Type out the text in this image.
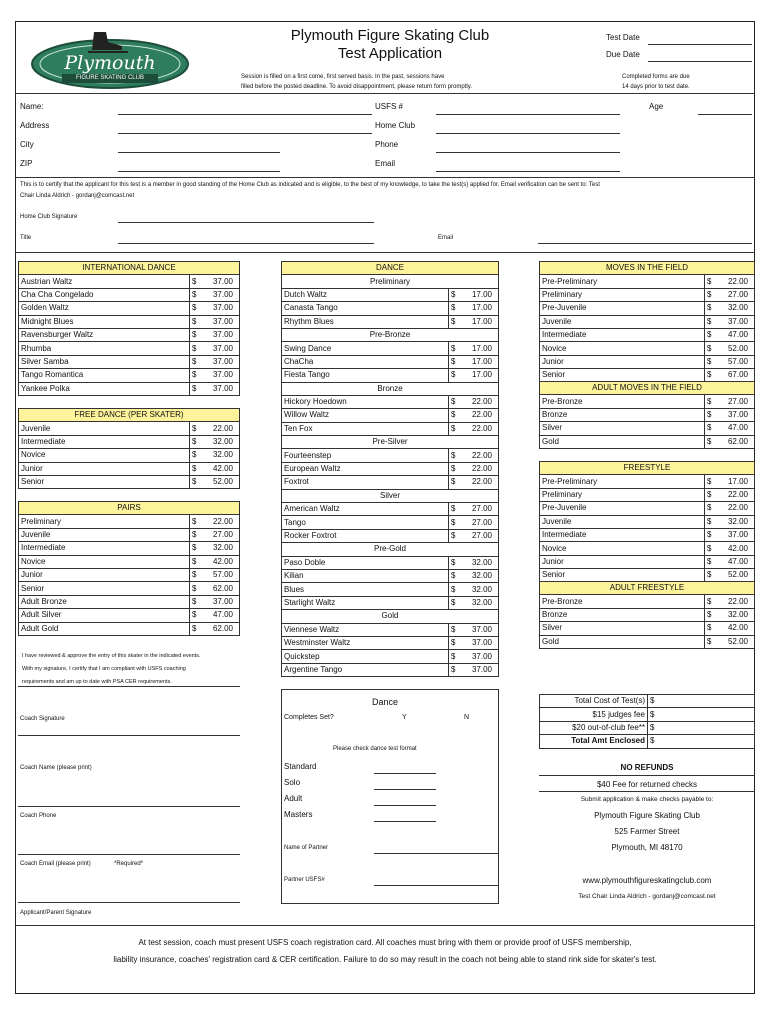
Plymouth
FIGURE SKATING CLUB
Plymouth Figure Skating Club
Test Application
Session is filled on a first come, first served basis. In the past, sessions have
filled before the posted deadline. To avoid disappointment, please return form promptly.
Test Date
Due Date
Completed forms are due
14 days prior to test date.
Name:	USFS #	Age
Address	Home Club
City	Phone
ZIP	Email
This is to certify that the applicant for this test is a member in good standing of the Home Club as indicated and is eligible, to the best of my knowledge, to take the test(s) applied for. Email verification can be sent to: Test
Chair Linda Aldrich - gordanj@comcast.net
Home Club Signature
Title	Email
INTERNATIONAL DANCE	
Austrian Waltz	$ 37.00

Cha Cha Congelado	$ 37.00

Golden Waltz	$ 37.00

Midnight Blues	$ 37.00

Ravensburger Waltz	$ 37.00

Rhumba	$ 37.00

Silver Samba	$ 37.00

Tango Romantica	$ 37.00

Yankee Polka	$ 37.00
FREE DANCE (PER SKATER)	
Juvenile	$ 22.00

Intermediate	$ 32.00

Novice	$ 32.00

Junior	$ 42.00

Senior	$ 52.00
PAIRS	
Preliminary	$ 22.00

Juvenile	$ 27.00

Intermediate	$ 32.00

Novice	$ 42.00

Junior	$ 57.00

Senior	$ 62.00

Adult Bronze	$ 37.00

Adult Silver	$ 47.00

Adult Gold	$ 62.00
DANCE	
Preliminary	
Dutch Waltz	$ 17.00

Canasta Tango	$ 17.00

Rhythm Blues	$ 17.00

Pre-Bronze	
Swing Dance	$ 17.00

ChaCha	$ 17.00

Fiesta Tango	$ 17.00

Bronze	
Hickory Hoedown	$ 22.00

Willow Waltz	$ 22.00

Ten Fox	$ 22.00

Pre-Silver	
Fourteenstep	$ 22.00

European Waltz	$ 22.00

Foxtrot	$ 22.00

Silver	
American Waltz	$ 27.00

Tango	$ 27.00

Rocker Foxtrot	$ 27.00

Pre-Gold	
Paso Doble	$ 32.00

Kilian	$ 32.00

Blues	$ 32.00

Starlight Waltz	$ 32.00

Gold	
Viennese Waltz	$ 37.00

Westminster Waltz	$ 37.00

Quickstep	$ 37.00

Argentine Tango	$ 37.00
MOVES IN THE FIELD	
Pre-Preliminary	$ 22.00

Preliminary	$ 27.00

Pre-Juvenile	$ 32.00

Juvenile	$ 37.00

Intermediate	$ 47.00

Novice	$ 52.00

Junior	$ 57.00

Senior	$ 67.00
ADULT MOVES IN THE FIELD	
Pre-Bronze	$ 27.00

Bronze	$ 37.00

Silver	$ 47.00

Gold	$ 62.00
FREESTYLE	
Pre-Preliminary	$ 17.00

Preliminary	$ 22.00

Pre-Juvenile	$ 22.00

Juvenile	$ 32.00

Intermediate	$ 37.00

Novice	$ 42.00

Junior	$ 47.00

Senior	$ 52.00
ADULT FREESTYLE	
Pre-Bronze	$ 22.00

Bronze	$ 32.00

Silver	$ 42.00

Gold	$ 52.00
I have reviewed & approve the entry of this skater in the indicated events.
With my signature, I certify that I am compliant with USFS coaching
requirements and am up to date with PSA CER requirements.
Coach Signature
Coach Name (please print)
Coach Phone
Coach Email (please print)	*Required*
Applicant/Parent Signature
Dance
Completes Set?	Y	N
Please check dance test format
Standard
Solo
Adult
Masters
Name of Partner
Partner USFS#
Total Cost of Test(s)	$
$15 judges fee	$
$20 out-of-club fee**	$
Total Amt Enclosed	$
NO REFUNDS
$40 Fee for returned checks
Submit application & make checks payable to:
Plymouth Figure Skating Club
525 Farmer Street
Plymouth, MI 48170
www.plymouthfigureskatingclub.com
Test Chair Linda Aldrich - gordanj@comcast.net
At test session, coach must present USFS coach registration card. All coaches must bring with them or provide proof of USFS membership,
liability insurance, coaches' registration card & CER certification. Failure to do so may result in the coach not being able to stand rink side for skater's test.
